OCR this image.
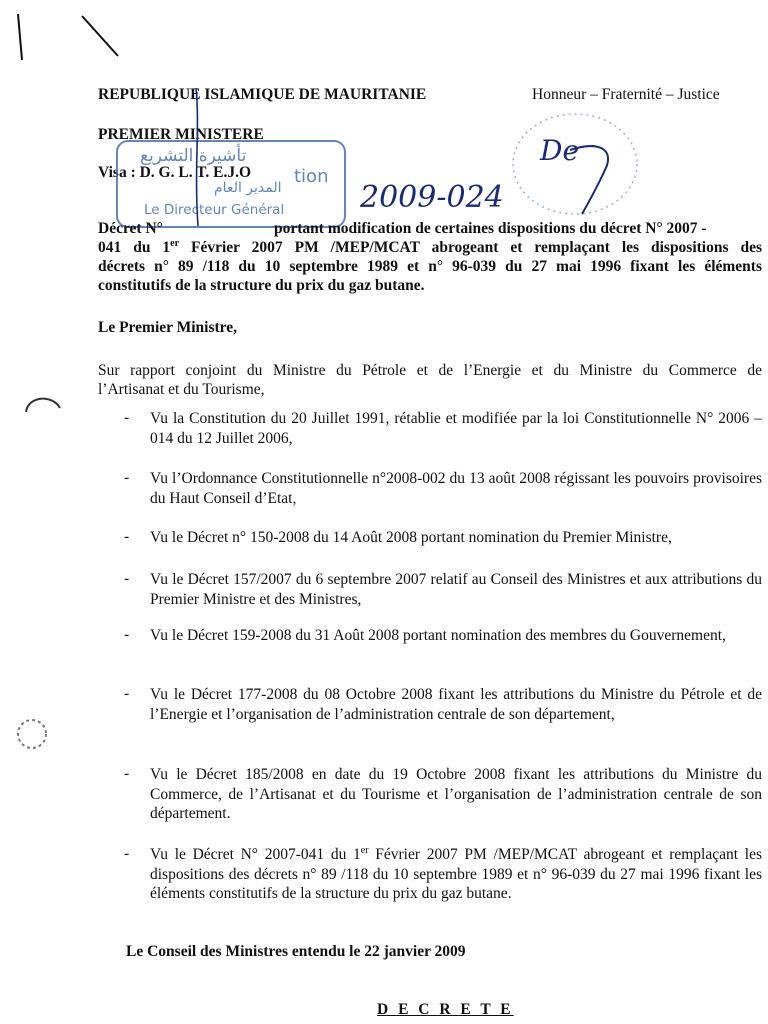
REPUBLIQUE ISLAMIQUE DE MAURITANIE	Honneur – Fraternité – Justice
PREMIER MINISTERE
Visa : D. G. L. T. E.J.O
تأشيرة التشريع
المدير العام
tion
Le Directeur Général	2009-024
De
Décret N°	portant modification de certaines dispositions du décret N° 2007 -
041 du 1er Février 2007 PM /MEP/MCAT abrogeant et remplaçant les dispositions des
décrets n° 89 /118 du 10 septembre 1989 et n° 96-039 du 27 mai 1996 fixant les éléments
constitutifs de la structure du prix du gaz butane.
Le Premier Ministre,
Sur rapport conjoint du Ministre du Pétrole et de l’Energie et du Ministre du Commerce de
l’Artisanat et du Tourisme,
- Vu la Constitution du 20 Juillet 1991, rétablie et modifiée par la loi Constitutionnelle N° 2006 – 014 du 12 Juillet 2006,
- Vu l’Ordonnance Constitutionnelle n°2008-002 du 13 août 2008 régissant les pouvoirs provisoires du Haut Conseil d’Etat,
- Vu le Décret n° 150-2008 du 14 Août 2008 portant nomination du Premier Ministre,
- Vu le Décret 157/2007 du 6 septembre 2007 relatif au Conseil des Ministres et aux attributions du Premier Ministre et des Ministres,
- Vu le Décret 159-2008 du 31 Août 2008 portant nomination des membres du Gouvernement,
- Vu le Décret 177-2008 du 08 Octobre 2008 fixant les attributions du Ministre du Pétrole et de l’Energie et l’organisation de l’administration centrale de son département,
- Vu le Décret 185/2008 en date du 19 Octobre 2008 fixant les attributions du Ministre du Commerce, de l’Artisanat et du Tourisme et l’organisation de l’administration centrale de son département.
- Vu le Décret N° 2007-041 du 1er Février 2007 PM /MEP/MCAT abrogeant et remplaçant les dispositions des décrets n° 89 /118 du 10 septembre 1989 et n° 96-039 du 27 mai 1996 fixant les éléments constitutifs de la structure du prix du gaz butane.
Le Conseil des Ministres entendu le 22 janvier 2009
D E C R E T E
